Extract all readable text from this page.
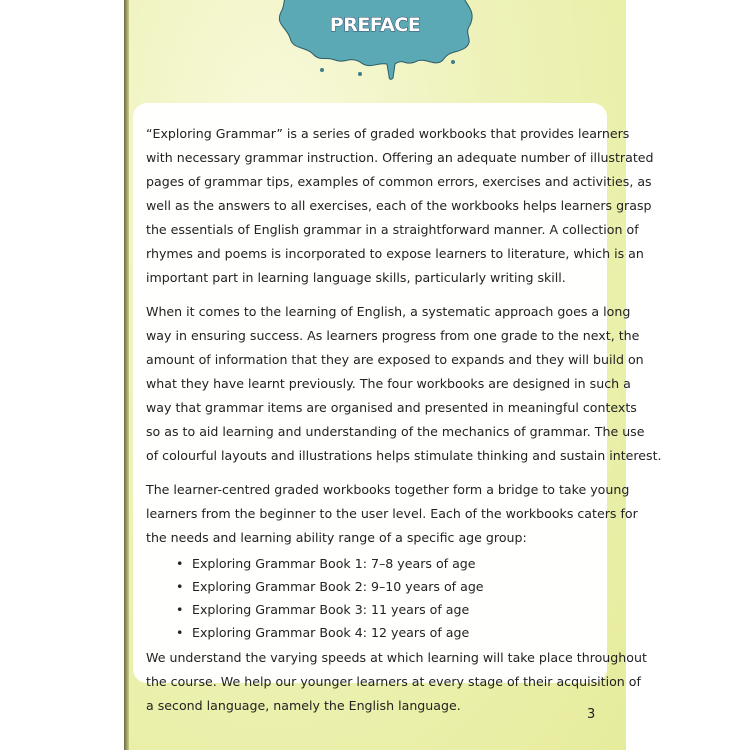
PREFACE
“Exploring Grammar” is a series of graded workbooks that provides learners
with necessary grammar instruction. Offering an adequate number of illustrated
pages of grammar tips, examples of common errors, exercises and activities, as
well as the answers to all exercises, each of the workbooks helps learners grasp
the essentials of English grammar in a straightforward manner. A collection of
rhymes and poems is incorporated to expose learners to literature, which is an
important part in learning language skills, particularly writing skill.
When it comes to the learning of English, a systematic approach goes a long
way in ensuring success. As learners progress from one grade to the next, the
amount of information that they are exposed to expands and they will build on
what they have learnt previously. The four workbooks are designed in such a
way that grammar items are organised and presented in meaningful contexts
so as to aid learning and understanding of the mechanics of grammar. The use
of colourful layouts and illustrations helps stimulate thinking and sustain interest.
The learner-centred graded workbooks together form a bridge to take young
learners from the beginner to the user level. Each of the workbooks caters for
the needs and learning ability range of a specific age group:
• Exploring Grammar Book 1: 7–8 years of age
• Exploring Grammar Book 2: 9–10 years of age
• Exploring Grammar Book 3: 11 years of age
• Exploring Grammar Book 4: 12 years of age
We understand the varying speeds at which learning will take place throughout
the course. We help our younger learners at every stage of their acquisition of
a second language, namely the English language.
3
